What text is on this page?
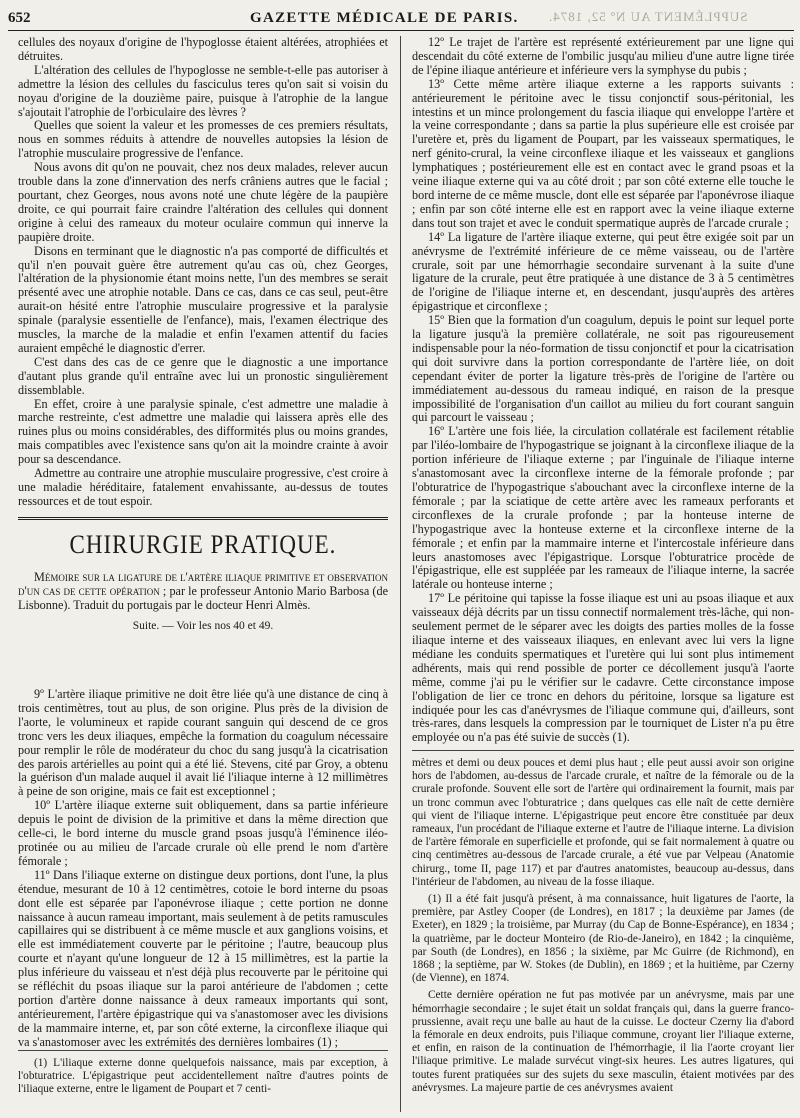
652	GAZETTE MÉDICALE DE PARIS. SUPPLÉMENT AU Nº 52, 1874.

cellules des noyaux d'origine de l'hypoglosse étaient altérées, atrophiées et détruites.

L'altération des cellules de l'hypoglosse ne semble-t-elle pas autoriser à admettre la lésion des cellules du fasciculus teres qu'on sait si voisin du noyau d'origine de la douzième paire, puisque à l'atrophie de la langue s'ajoutait l'atrophie de l'orbiculaire des lèvres ?

Quelles que soient la valeur et les promesses de ces premiers résultats, nous en sommes réduits à attendre de nouvelles autopsies la lésion de l'atrophie musculaire progressive de l'enfance.

Nous avons dit qu'on ne pouvait, chez nos deux malades, relever aucun trouble dans la zone d'innervation des nerfs crâniens autres que le facial ; pourtant, chez Georges, nous avons noté une chute légère de la paupière droite, ce qui pourrait faire craindre l'altération des cellules qui donnent origine à celui des rameaux du moteur oculaire commun qui innerve la paupière droite.

Disons en terminant que le diagnostic n'a pas comporté de difficultés et qu'il n'en pouvait guère être autrement qu'au cas où, chez Georges, l'altération de la physionomie étant moins nette, l'un des membres se serait présenté avec une atrophie notable. Dans ce cas, dans ce cas seul, peut-être aurait-on hésité entre l'atrophie musculaire progressive et la paralysie spinale (paralysie essentielle de l'enfance), mais, l'examen électrique des muscles, la marche de la maladie et enfin l'examen attentif du facies auraient empêché le diagnostic d'errer.

C'est dans des cas de ce genre que le diagnostic a une importance d'autant plus grande qu'il entraîne avec lui un pronostic singulièrement dissemblable.

En effet, croire à une paralysie spinale, c'est admettre une maladie à marche restreinte, c'est admettre une maladie qui laissera après elle des ruines plus ou moins considérables, des difformités plus ou moins grandes, mais compatibles avec l'existence sans qu'on ait la moindre crainte à avoir pour sa descendance.

Admettre au contraire une atrophie musculaire progressive, c'est croire à une maladie héréditaire, fatalement envahissante, au-dessus de toutes ressources et de tout espoir.

CHIRURGIE PRATIQUE.

Mémoire sur la ligature de l'artère iliaque primitive et observation d'un cas de cette opération ; par le professeur Antonio Mario Barbosa (de Lisbonne). Traduit du portugais par le docteur Henri Almès.

Suite. — Voir les nos 40 et 49.

9º L'artère iliaque primitive ne doit être liée qu'à une distance de cinq à trois centimètres, tout au plus, de son origine. Plus près de la division de l'aorte, le volumineux et rapide courant sanguin qui descend de ce gros tronc vers les deux iliaques, empêche la formation du coagulum nécessaire pour remplir le rôle de modérateur du choc du sang jusqu'à la cicatrisation des parois artérielles au point qui a été lié. Stevens, cité par Groy, a obtenu la guérison d'un malade auquel il avait lié l'iliaque interne à 12 millimètres à peine de son origine, mais ce fait est exceptionnel ;

10º L'artère iliaque externe suit obliquement, dans sa partie inférieure depuis le point de division de la primitive et dans la même direction que celle-ci, le bord interne du muscle grand psoas jusqu'à l'éminence iléo-protinée ou au milieu de l'arcade crurale où elle prend le nom d'artère fémorale ;

11º Dans l'iliaque externe on distingue deux portions, dont l'une, la plus étendue, mesurant de 10 à 12 centimètres, cotoie le bord interne du psoas dont elle est séparée par l'aponévrose iliaque ; cette portion ne donne naissance à aucun rameau important, mais seulement à de petits ramuscules capillaires qui se distribuent à ce même muscle et aux ganglions voisins, et elle est immédiatement couverte par le péritoine ; l'autre, beaucoup plus courte et n'ayant qu'une longueur de 12 à 15 millimètres, est la partie la plus inférieure du vaisseau et n'est déjà plus recouverte par le péritoine qui se réfléchit du psoas iliaque sur la paroi antérieure de l'abdomen ; cette portion d'artère donne naissance à deux rameaux importants qui sont, antérieurement, l'artère épigastrique qui va s'anastomoser avec les divisions de la mammaire interne, et, par son côté externe, la circonflexe iliaque qui va s'anastomoser avec les extrémités des dernières lombaires (1) ;

(1) L'iliaque externe donne quelquefois naissance, mais par exception, à l'obturatrice. L'épigastrique peut accidentellement naître d'autres points de l'iliaque externe, entre le ligament de Poupart et 7 centi-

12º Le trajet de l'artère est représenté extérieurement par une ligne qui descendait du côté externe de l'ombilic jusqu'au milieu d'une autre ligne tirée de l'épine iliaque antérieure et inférieure vers la symphyse du pubis ;

13º Cette même artère iliaque externe a les rapports suivants : antérieurement le péritoine avec le tissu conjonctif sous-péritonial, les intestins et un mince prolongement du fascia iliaque qui enveloppe l'artère et la veine correspondante ; dans sa partie la plus supérieure elle est croisée par l'uretère et, près du ligament de Poupart, par les vaisseaux spermatiques, le nerf génito-crural, la veine circonflexe iliaque et les vaisseaux et ganglions lymphatiques ; postérieurement elle est en contact avec le grand psoas et la veine iliaque externe qui va au côté droit ; par son côté externe elle touche le bord interne de ce même muscle, dont elle est séparée par l'aponévrose iliaque ; enfin par son côté interne elle est en rapport avec la veine iliaque externe dans tout son trajet et avec le conduit spermatique auprès de l'arcade crurale ;

14º La ligature de l'artère iliaque externe, qui peut être exigée soit par un anévrysme de l'extrémité inférieure de ce même vaisseau, ou de l'artère crurale, soit par une hémorrhagie secondaire survenant à la suite d'une ligature de la crurale, peut être pratiquée à une distance de 3 à 5 centimètres de l'origine de l'iliaque interne et, en descendant, jusqu'auprès des artères épigastrique et circonflexe ;

15º Bien que la formation d'un coagulum, depuis le point sur lequel porte la ligature jusqu'à la première collatérale, ne soit pas rigoureusement indispensable pour la néo-formation de tissu conjonctif et pour la cicatrisation qui doit survivre dans la portion correspondante de l'artère liée, on doit cependant éviter de porter la ligature très-près de l'origine de l'artère ou immédiatement au-dessous du rameau indiqué, en raison de la presque impossibilité de l'organisation d'un caillot au milieu du fort courant sanguin qui parcourt le vaisseau ;

16º L'artère une fois liée, la circulation collatérale est facilement rétablie par l'iléo-lombaire de l'hypogastrique se joignant à la circonflexe iliaque de la portion inférieure de l'iliaque externe ; par l'inguinale de l'iliaque interne s'anastomosant avec la circonflexe interne de la fémorale profonde ; par l'obturatrice de l'hypogastrique s'abouchant avec la circonflexe interne de la fémorale ; par la sciatique de cette artère avec les rameaux perforants et circonflexes de la crurale profonde ; par la honteuse interne de l'hypogastrique avec la honteuse externe et la circonflexe interne de la fémorale ; et enfin par la mammaire interne et l'intercostale inférieure dans leurs anastomoses avec l'épigastrique. Lorsque l'obturatrice procède de l'épigastrique, elle est suppléée par les rameaux de l'iliaque interne, la sacrée latérale ou honteuse interne ;

17º Le péritoine qui tapisse la fosse iliaque est uni au psoas iliaque et aux vaisseaux déjà décrits par un tissu connectif normalement très-lâche, qui non-seulement permet de le séparer avec les doigts des parties molles de la fosse iliaque interne et des vaisseaux iliaques, en enlevant avec lui vers la ligne médiane les conduits spermatiques et l'uretère qui lui sont plus intimement adhérents, mais qui rend possible de porter ce décollement jusqu'à l'aorte même, comme j'ai pu le vérifier sur le cadavre. Cette circonstance impose l'obligation de lier ce tronc en dehors du péritoine, lorsque sa ligature est indiquée pour les cas d'anévrysmes de l'iliaque commune qui, d'ailleurs, sont très-rares, dans lesquels la compression par le tourniquet de Lister n'a pu être employée ou n'a pas été suivie de succès (1).

mètres et demi ou deux pouces et demi plus haut ; elle peut aussi avoir son origine hors de l'abdomen, au-dessus de l'arcade crurale, et naître de la fémorale ou de la crurale profonde. Souvent elle sort de l'artère qui ordinairement la fournit, mais par un tronc commun avec l'obturatrice ; dans quelques cas elle naît de cette dernière qui vient de l'iliaque interne. L'épigastrique peut encore être constituée par deux rameaux, l'un procédant de l'iliaque externe et l'autre de l'iliaque interne. La division de l'artère fémorale en superficielle et profonde, qui se fait normalement à quatre ou cinq centimètres au-dessous de l'arcade crurale, a été vue par Velpeau (Anatomie chirurg., tome II, page 117) et par d'autres anatomistes, beaucoup au-dessus, dans l'intérieur de l'abdomen, au niveau de la fosse iliaque.

(1) Il a été fait jusqu'à présent, à ma connaissance, huit ligatures de l'aorte, la première, par Astley Cooper (de Londres), en 1817 ; la deuxième par James (de Exeter), en 1829 ; la troisième, par Murray (du Cap de Bonne-Espérance), en 1834 ; la quatrième, par le docteur Monteiro (de Rio-de-Janeiro), en 1842 ; la cinquième, par South (de Londres), en 1856 ; la sixième, par Mc Guirre (de Richmond), en 1868 ; la septième, par W. Stokes (de Dublin), en 1869 ; et la huitième, par Czerny (de Vienne), en 1874.

Cette dernière opération ne fut pas motivée par un anévrysme, mais par une hémorrhagie secondaire ; le sujet était un soldat français qui, dans la guerre franco-prussienne, avait reçu une balle au haut de la cuisse. Le docteur Czerny lia d'abord la fémorale en deux endroits, puis l'iliaque commune, croyant lier l'iliaque externe, et enfin, en raison de la continuation de l'hémorrhagie, il lia l'aorte croyant lier l'iliaque primitive. Le malade survécut vingt-six heures. Les autres ligatures, qui toutes furent pratiquées sur des sujets du sexe masculin, étaient motivées par des anévrysmes. La majeure partie de ces anévrysmes avaient
